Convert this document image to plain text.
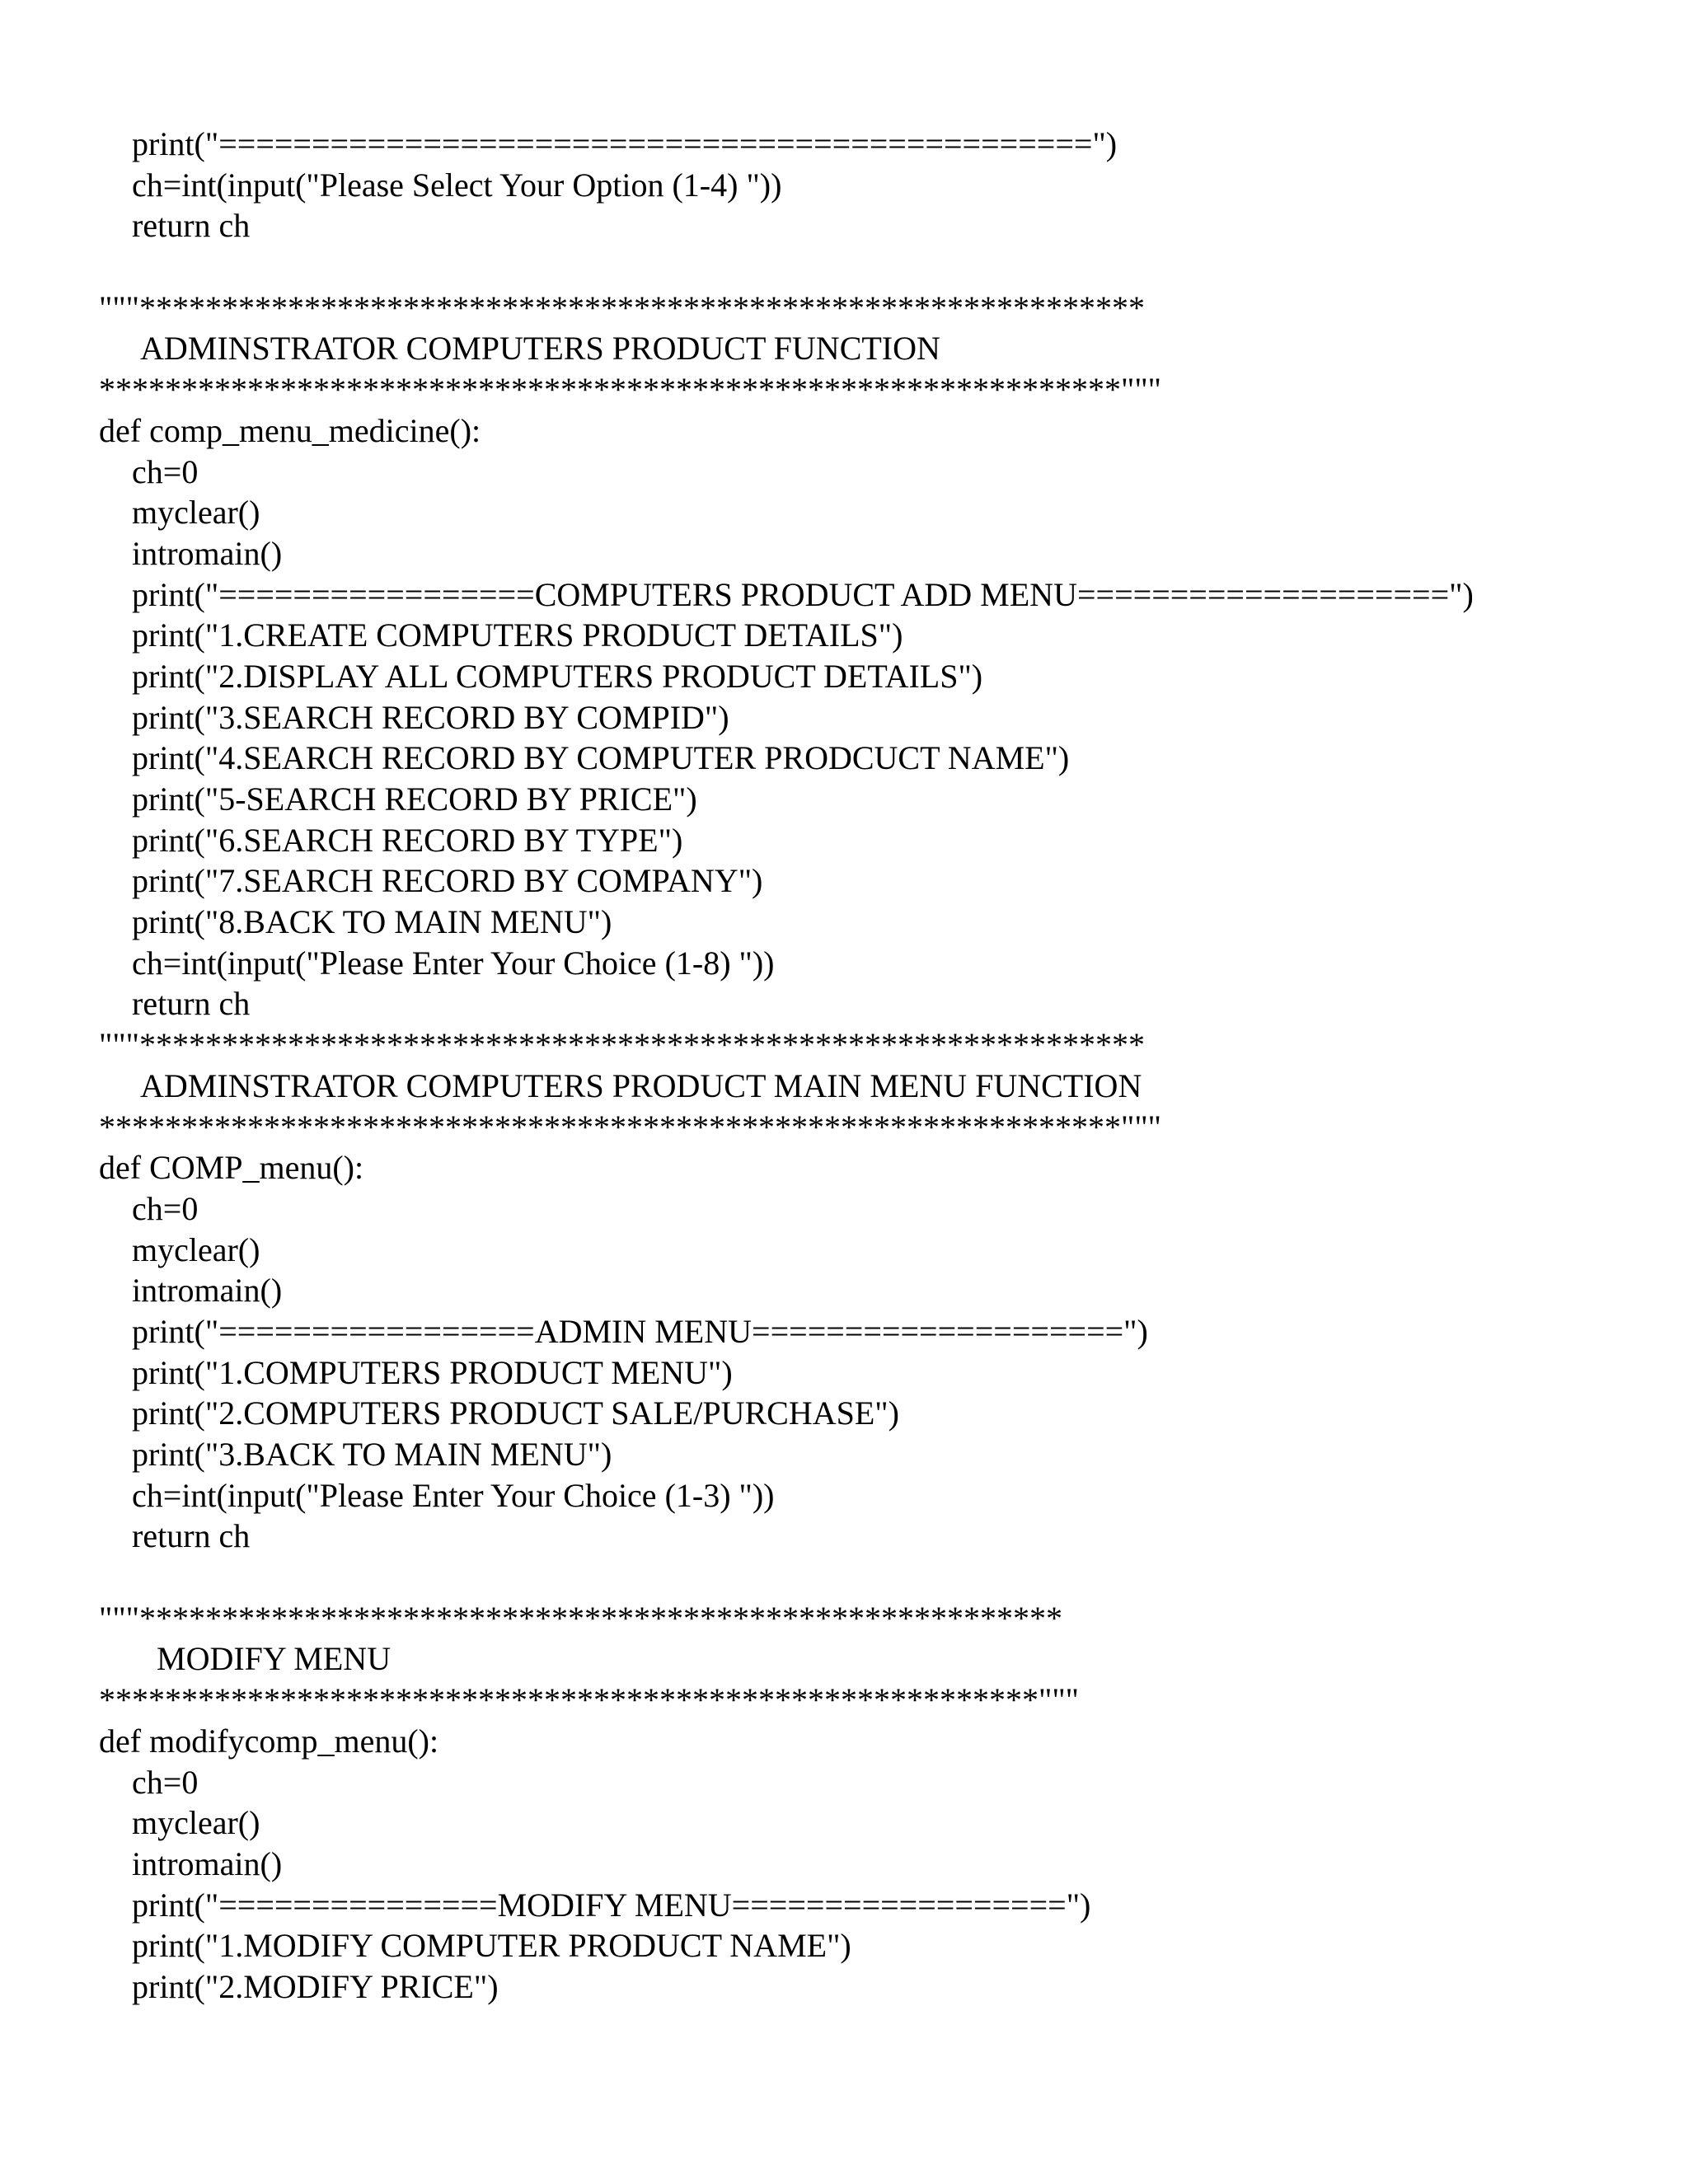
print("===============================================")
ch=int(input("Please Select Your Option (1-4) "))
return ch
"""*************************************************************
ADMINSTRATOR COMPUTERS PRODUCT FUNCTION
**************************************************************"""
def comp_menu_medicine():
ch=0
myclear()
intromain()
print("=================COMPUTERS PRODUCT ADD MENU====================")
print("1.CREATE COMPUTERS PRODUCT DETAILS")
print("2.DISPLAY ALL COMPUTERS PRODUCT DETAILS")
print("3.SEARCH RECORD BY COMPID")
print("4.SEARCH RECORD BY COMPUTER PRODCUCT NAME")
print("5-SEARCH RECORD BY PRICE")
print("6.SEARCH RECORD BY TYPE")
print("7.SEARCH RECORD BY COMPANY")
print("8.BACK TO MAIN MENU")
ch=int(input("Please Enter Your Choice (1-8) "))
return ch
"""*************************************************************
ADMINSTRATOR COMPUTERS PRODUCT MAIN MENU FUNCTION
**************************************************************"""
def COMP_menu():
ch=0
myclear()
intromain()
print("=================ADMIN MENU====================")
print("1.COMPUTERS PRODUCT MENU")
print("2.COMPUTERS PRODUCT SALE/PURCHASE")
print("3.BACK TO MAIN MENU")
ch=int(input("Please Enter Your Choice (1-3) "))
return ch
"""********************************************************
MODIFY MENU
*********************************************************"""
def modifycomp_menu():
ch=0
myclear()
intromain()
print("===============MODIFY MENU==================")
print("1.MODIFY COMPUTER PRODUCT NAME")
print("2.MODIFY PRICE")
